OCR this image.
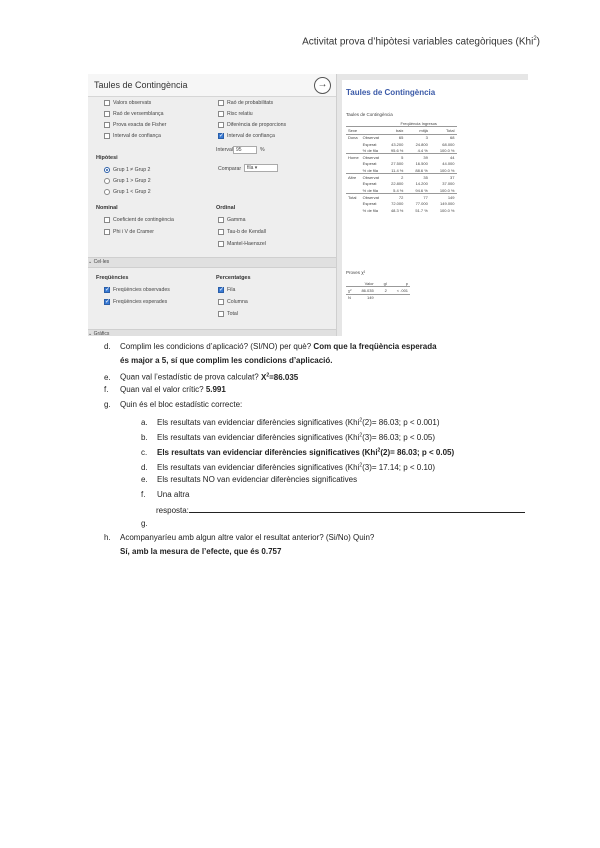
Activitat prova d’hipòtesi variables categòriques (Khi$^2$)
Taules de Contingència	→
Valors observats
Raó de versemblança
Prova exacta de Fisher
Interval de confiança
Raó de probabilitats
Risc relatiu
Diferència de proporcions
✓
Interval de confiança
Interval 95	%
Hipòtesi
Grup 1 ≠ Grup 2
Grup 1 > Grup 2
Grup 1 < Grup 2
Comparar	fila ▾
Nominal
Coeficient de contingència
Phi i V de Cramer
Ordinal
Gamma
Tau-b de Kendall
Mantel-Haenszel
⌄ Cel·les
Freqüències
✓
Freqüències observades
✓
Freqüències esperades
Percentatges
✓
Fila
Columna
Total
⌄ Gràfics
Taules de Contingència
Taules de Contingència
		Freqüència Ingresos		
Sexe		baix	mitjà	Total
Dona	Observat	65	3	68
	Esperat	43.200	24.800	68.000
	% de fila	95.6 %	4.4 %	100.0 %
Home	Observat	5	39	44
	Esperat	27.500	16.500	44.000
	% de fila	11.4 %	88.6 %	100.0 %
Altre	Observat	2	35	37
	Esperat	22.800	14.200	37.000
	% de fila	5.4 %	94.6 %	100.0 %
Total	Observat	72	77	149
	Esperat	72.000	77.000	149.000
	% de fila	48.3 %	51.7 %	100.0 %
Proves χ²
	Valor	gl	p
χ²	86.035	2	< .001
N	149		
d. Complim les condicions d’aplicació? (SI/NO) per què? Com que la freqüència esperada
és major a 5, sí que complim les condicions d’aplicació.
e. Quan val l’estadístic de prova calculat? $X^2=86.035$
f. Quan val el valor crític? 5.991
g. Quin és el bloc estadístic correcte:
a. Els resultats van evidenciar diferències significatives (Khi$^2$(2)= 86.03; p < 0.001)
b. Els resultats van evidenciar diferències significatives (Khi$^2$(3)= 86.03; p < 0.05)
c. Els resultats van evidenciar diferències significatives (Khi$^2$(2)= 86.03; p < 0.05)
d. Els resultats van evidenciar diferències significatives (Khi$^2$(3)= 17.14; p < 0.10)
e. Els resultats NO van evidenciar diferències significatives
f. Una altra
resposta:
g.
h. Acompanyaríeu amb algun altre valor el resultat anterior? (Si/No) Quin?
Sí, amb la mesura de l’efecte, que és 0.757
